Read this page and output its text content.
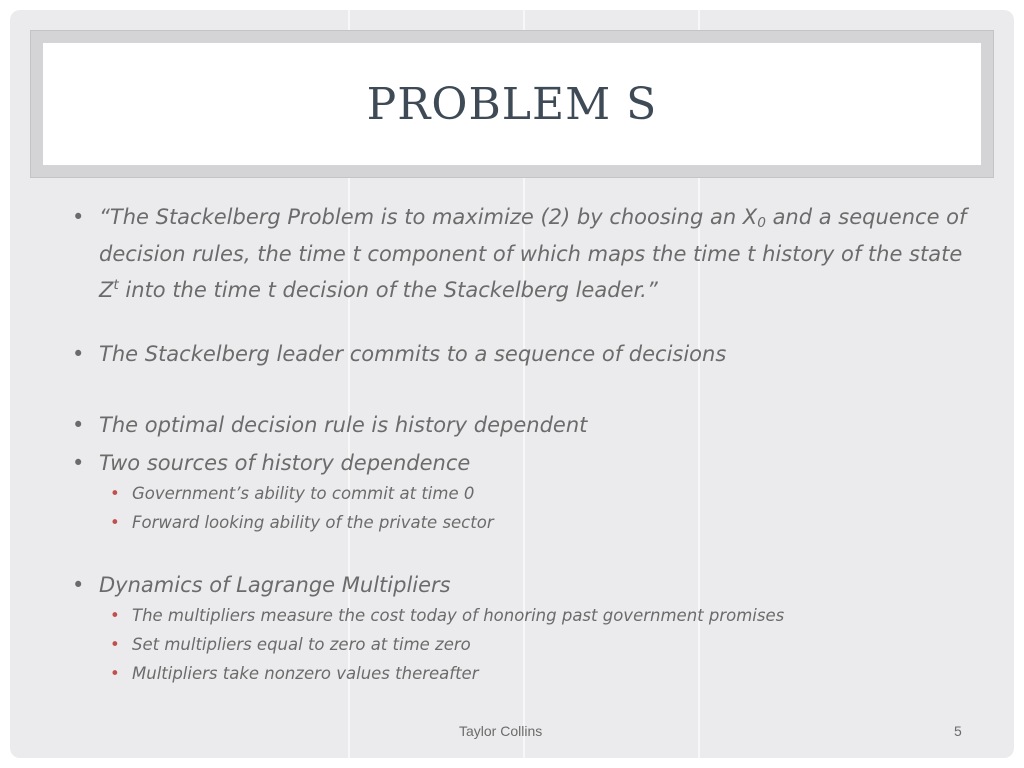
PROBLEM S
• “The Stackelberg Problem is to maximize (2) by choosing an $X_0$ and a sequence of decision rules, the time t component of which maps the time t history of the state $Z^t$ into the time t decision of the Stackelberg leader.”
• The Stackelberg leader commits to a sequence of decisions
• The optimal decision rule is history dependent
• Two sources of history dependence
• Government’s ability to commit at time 0
• Forward looking ability of the private sector
• Dynamics of Lagrange Multipliers
• The multipliers measure the cost today of honoring past government promises
• Set multipliers equal to zero at time zero
• Multipliers take nonzero values thereafter
Taylor Collins	5
